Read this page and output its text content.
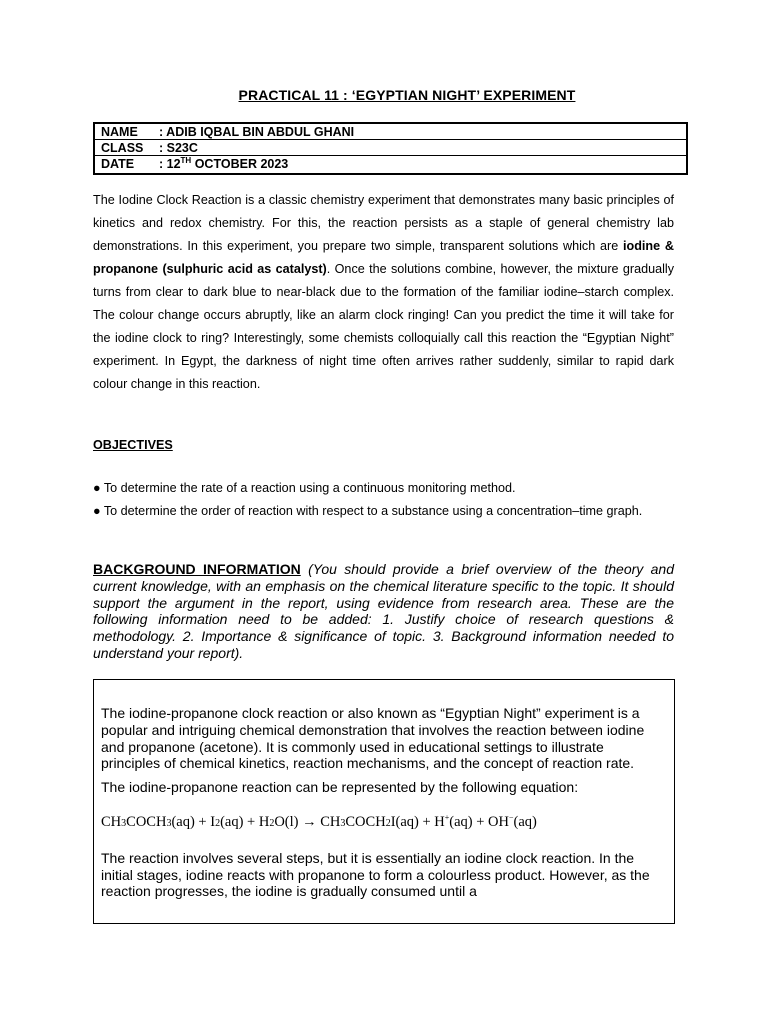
PRACTICAL 11 : ‘EGYPTIAN NIGHT’ EXPERIMENT
NAME : ADIB IQBAL BIN ABDUL GHANI
CLASS : S23C
DATE : 12TH OCTOBER 2023

The Iodine Clock Reaction is a classic chemistry experiment that demonstrates many basic principles of kinetics and redox chemistry. For this, the reaction persists as a staple of general chemistry lab demonstrations. In this experiment, you prepare two simple, transparent solutions which are iodine & propanone (sulphuric acid as catalyst). Once the solutions combine, however, the mixture gradually turns from clear to dark blue to near-black due to the formation of the familiar iodine–starch complex. The colour change occurs abruptly, like an alarm clock ringing! Can you predict the time it will take for the iodine clock to ring? Interestingly, some chemists colloquially call this reaction the “Egyptian Night” experiment. In Egypt, the darkness of night time often arrives rather suddenly, similar to rapid dark colour change in this reaction.

OBJECTIVES

● To determine the rate of a reaction using a continuous monitoring method.

● To determine the order of reaction with respect to a substance using a concentration–time graph.

BACKGROUND INFORMATION (You should provide a brief overview of the theory and current knowledge, with an emphasis on the chemical literature specific to the topic. It should support the argument in the report, using evidence from research area. These are the following information need to be added: 1. Justify choice of research questions & methodology. 2. Importance & significance of topic. 3. Background information needed to understand your report).

The iodine-propanone clock reaction or also known as “Egyptian Night” experiment is a popular and intriguing chemical demonstration that involves the reaction between iodine and propanone (acetone). It is commonly used in educational settings to illustrate principles of chemical kinetics, reaction mechanisms, and the concept of reaction rate.

The iodine-propanone reaction can be represented by the following equation:

CH3COCH3(aq) + I2(aq) + H2O(l) → CH3COCH2I(aq) + H+(aq) + OH−(aq)

The reaction involves several steps, but it is essentially an iodine clock reaction. In the initial stages, iodine reacts with propanone to form a colourless product. However, as the reaction progresses, the iodine is gradually consumed until a
